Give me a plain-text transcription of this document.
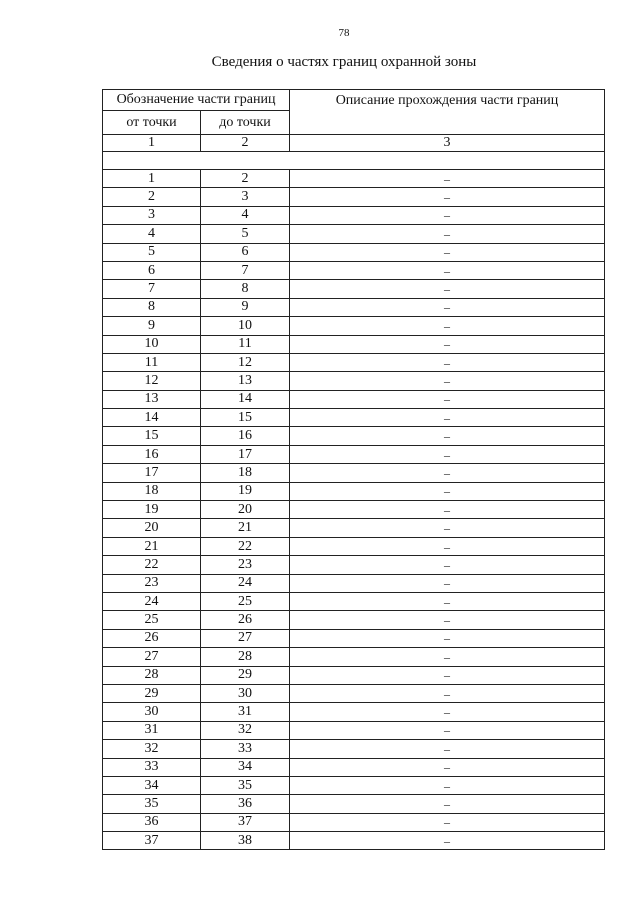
78
Сведения о частях границ охранной зоны
Обозначение части границ		Описание прохождения части границ
от точки	до точки	
1	2	3

1	2	–
2	3	–
3	4	–
4	5	–
5	6	–
6	7	–
7	8	–
8	9	–
9	10	–
10	11	–
11	12	–
12	13	–
13	14	–
14	15	–
15	16	–
16	17	–
17	18	–
18	19	–
19	20	–
20	21	–
21	22	–
22	23	–
23	24	–
24	25	–
25	26	–
26	27	–
27	28	–
28	29	–
29	30	–
30	31	–
31	32	–
32	33	–
33	34	–
34	35	–
35	36	–
36	37	–
37	38	–
